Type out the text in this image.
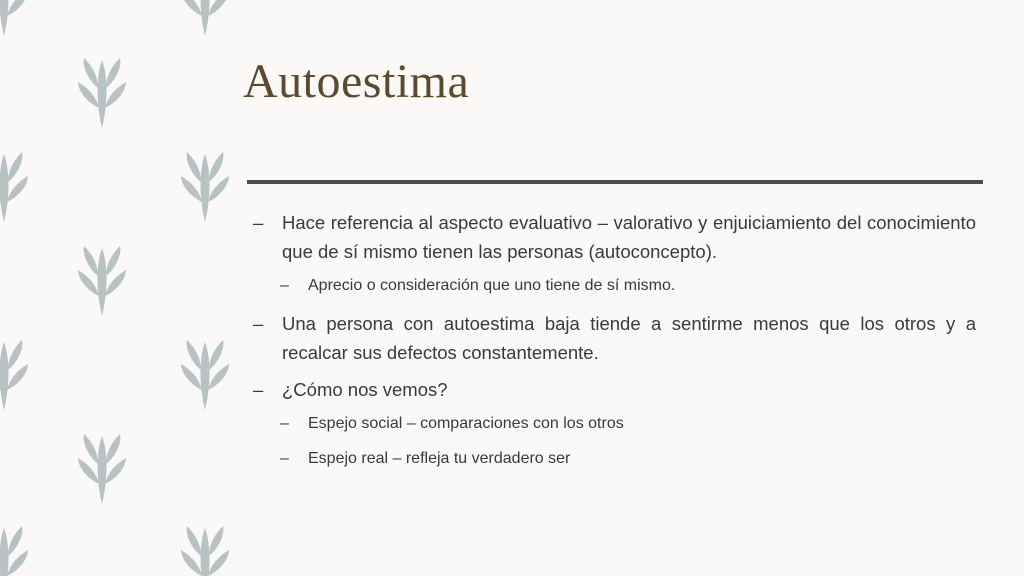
Autoestima
– Hace referencia al aspecto evaluativo – valorativo y enjuiciamiento del conocimiento que de sí mismo tienen las personas (autoconcepto).
– Aprecio o consideración que uno tiene de sí mismo.
– Una persona con autoestima baja tiende a sentirme menos que los otros y a recalcar sus defectos constantemente.
– ¿Cómo nos vemos?
– Espejo social – comparaciones con los otros
– Espejo real – refleja tu verdadero ser
